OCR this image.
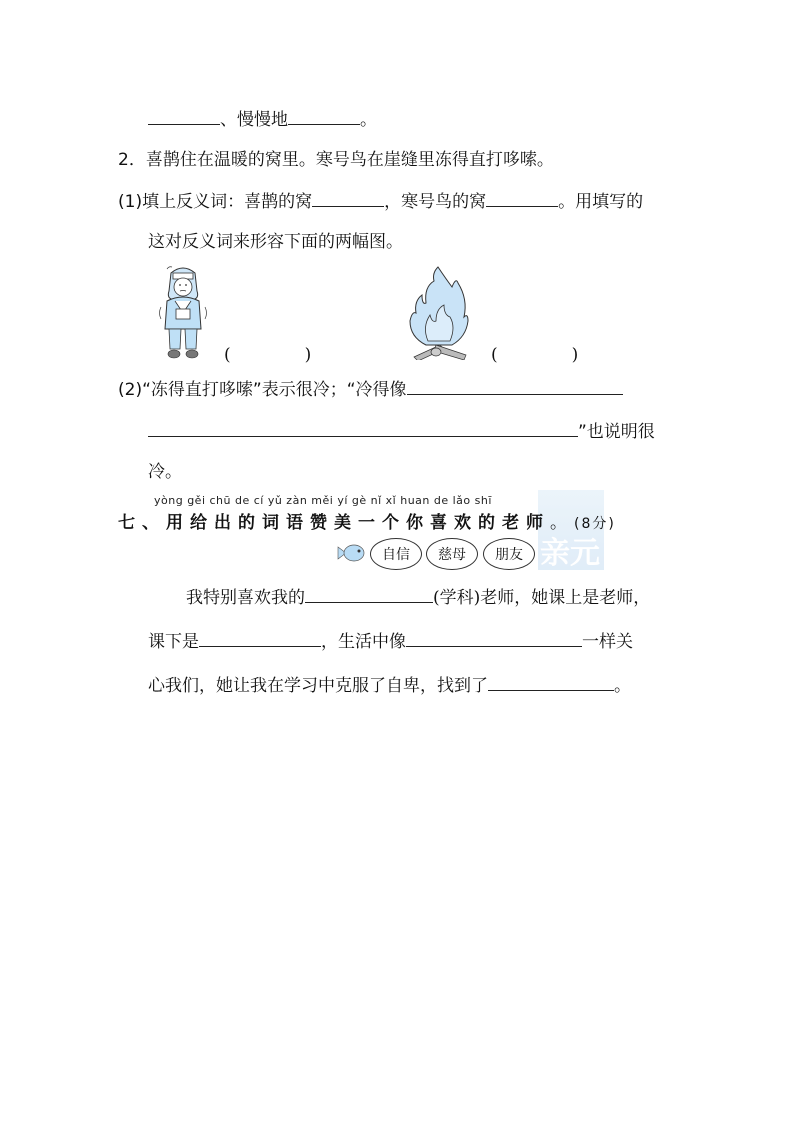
、慢慢地	。
2．喜鹊住在温暖的窝里。寒号鸟在崖缝里冻得直打哆嗦。
(1)填上反义词：喜鹊的窝	，寒号鸟的窝	。用填写的
这对反义词来形容下面的两幅图。
(	)	(	)
(2)“冻得直打哆嗦”表示很冷；“冷得像
”也说明很
冷。
亲元
yòng gěi chū de cí yǔ zàn měi yí gè nǐ xǐ huan de lǎo shī
七、用给出的词语赞美一个你喜欢的老师。(8分)
自信	慈母	朋友
我特别喜欢我的	(学科)老师，她课上是老师，
课下是	，生活中像	一样关
心我们，她让我在学习中克服了自卑，找到了	。
